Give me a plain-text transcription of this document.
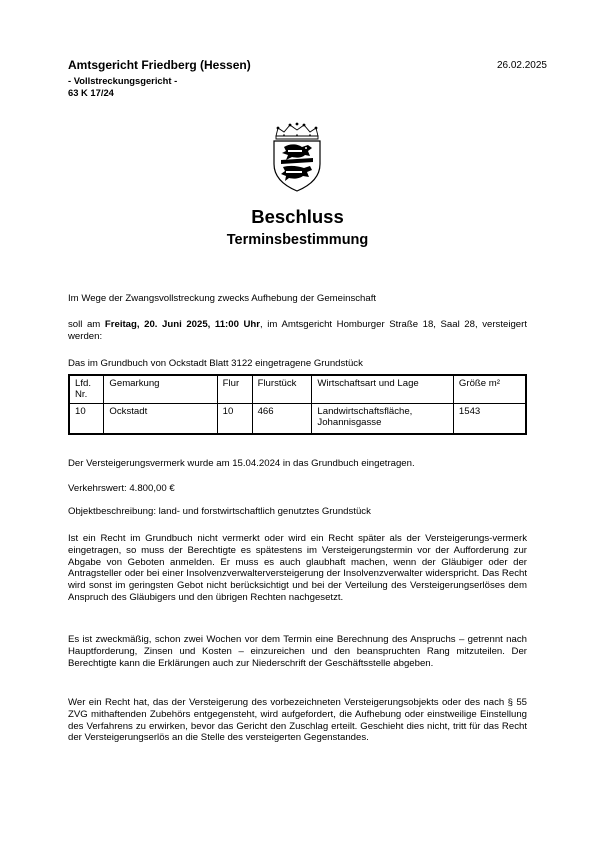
Amtsgericht Friedberg (Hessen)
- Vollstreckungsgericht -
63 K 17/24
26.02.2025
Beschluss
Terminsbestimmung
Im Wege der Zwangsvollstreckung zwecks Aufhebung der Gemeinschaft
soll am Freitag, 20. Juni 2025, 11:00 Uhr, im Amtsgericht Homburger Straße 18, Saal 28, versteigert werden:
Das im Grundbuch von Ockstadt Blatt 3122 eingetragene Grundstück
Lfd. Nr.	Gemarkung	Flur	Flurstück	Wirtschaftsart und Lage	Größe m²
10	Ockstadt	10	466	Landwirtschaftsfläche, Johannisgasse	1543
Der Versteigerungsvermerk wurde am 15.04.2024 in das Grundbuch eingetragen.
Verkehrswert: 4.800,00 €
Objektbeschreibung: land- und forstwirtschaftlich genutztes Grundstück
Ist ein Recht im Grundbuch nicht vermerkt oder wird ein Recht später als der Versteigerungs-vermerk eingetragen, so muss der Berechtigte es spätestens im Versteigerungstermin vor der Aufforderung zur Abgabe von Geboten anmelden. Er muss es auch glaubhaft machen, wenn der Gläubiger oder der Antragsteller oder bei einer Insolvenzverwalterversteigerung der Insolvenzverwalter widerspricht. Das Recht wird sonst im geringsten Gebot nicht berücksichtigt und bei der Verteilung des Versteigerungserlöses dem Anspruch des Gläubigers und den übrigen Rechten nachgesetzt.
Es ist zweckmäßig, schon zwei Wochen vor dem Termin eine Berechnung des Anspruchs – getrennt nach Hauptforderung, Zinsen und Kosten – einzureichen und den beanspruchten Rang mitzuteilen. Der Berechtigte kann die Erklärungen auch zur Niederschrift der Geschäftsstelle abgeben.
Wer ein Recht hat, das der Versteigerung des vorbezeichneten Versteigerungsobjekts oder des nach § 55 ZVG mithaftenden Zubehörs entgegensteht, wird aufgefordert, die Aufhebung oder einstweilige Einstellung des Verfahrens zu erwirken, bevor das Gericht den Zuschlag erteilt. Geschieht dies nicht, tritt für das Recht der Versteigerungserlös an die Stelle des versteigerten Gegenstandes.
